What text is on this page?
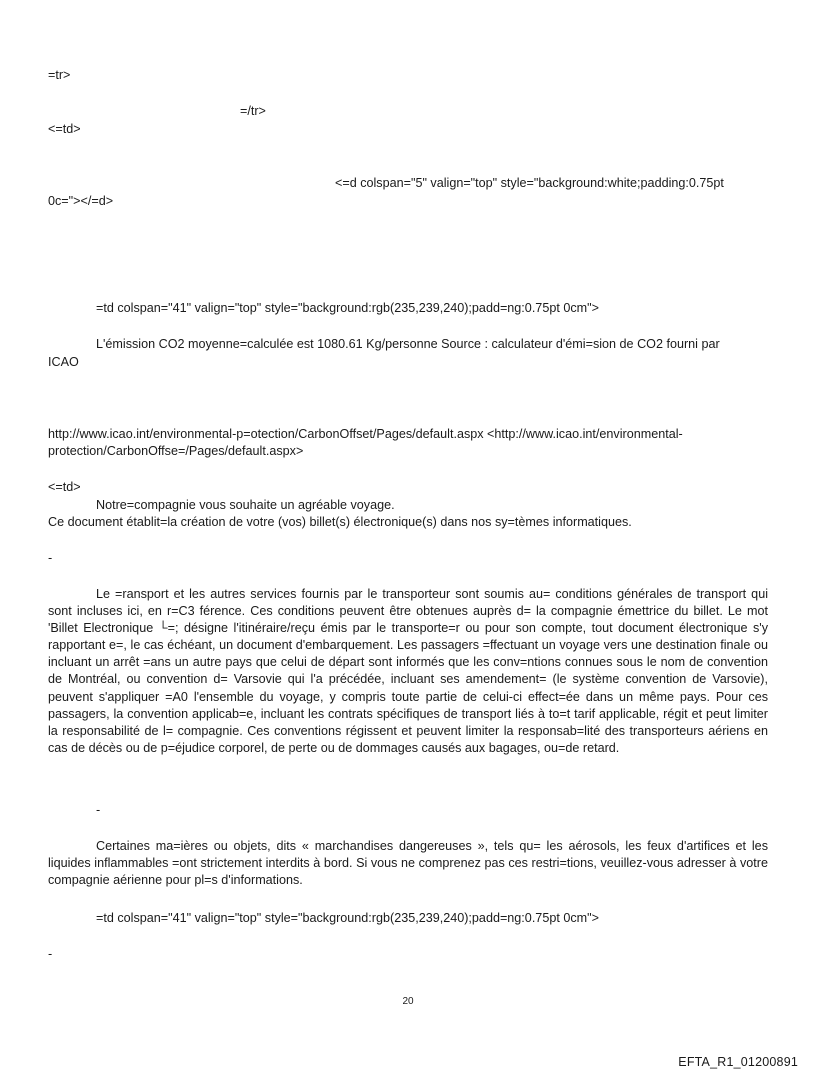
=tr>
=/tr>
<=td>
<=d colspan="5" valign="top" style="background:white;padding:0.75pt
0c="></=d>
=td colspan="41" valign="top" style="background:rgb(235,239,240);padd=ng:0.75pt 0cm">
L'émission CO2 moyenne=calculée est 1080.61 Kg/personne Source : calculateur d'émi=sion de CO2 fourni par
ICAO
http://www.icao.int/environmental-p=otection/CarbonOffset/Pages/default.aspx <http://www.icao.int/environmental-
protection/CarbonOffse=/Pages/default.aspx>
<=td>
Notre=compagnie vous souhaite un agréable voyage.
Ce document établit=la création de votre (vos) billet(s) électronique(s) dans nos sy=tèmes informatiques.
-
Le =ransport et les autres services fournis par le transporteur sont soumis au= conditions générales de transport qui sont incluses ici, en r=C3 férence. Ces conditions peuvent être obtenues auprès d= la compagnie émettrice du billet. Le mot 'Billet Electronique └=; désigne l'itinéraire/reçu émis par le transporte=r ou pour son compte, tout document électronique s'y rapportant e=, le cas échéant, un document d'embarquement. Les passagers =ffectuant un voyage vers une destination finale ou incluant un arrêt =ans un autre pays que celui de départ sont informés que les conv=ntions connues sous le nom de convention de Montréal, ou convention d= Varsovie qui l'a précédée, incluant ses amendement= (le système convention de Varsovie), peuvent s'appliquer =A0 l'ensemble du voyage, y compris toute partie de celui-ci effect=ée dans un même pays. Pour ces passagers, la convention applicab=e, incluant les contrats spécifiques de transport liés à to=t tarif applicable, régit et peut limiter la responsabilité de l= compagnie. Ces conventions régissent et peuvent limiter la responsab=lité des transporteurs aériens en cas de décès ou de p=éjudice corporel, de perte ou de dommages causés aux bagages, ou=de retard.
-
Certaines ma=ières ou objets, dits « marchandises dangereuses », tels qu= les aérosols, les feux d'artifices et les liquides inflammables =ont strictement interdits à bord. Si vous ne comprenez pas ces restri=tions, veuillez-vous adresser à votre compagnie aérienne pour pl=s d'informations.
=td colspan="41" valign="top" style="background:rgb(235,239,240);padd=ng:0.75pt 0cm">
-
20
EFTA_R1_01200891
